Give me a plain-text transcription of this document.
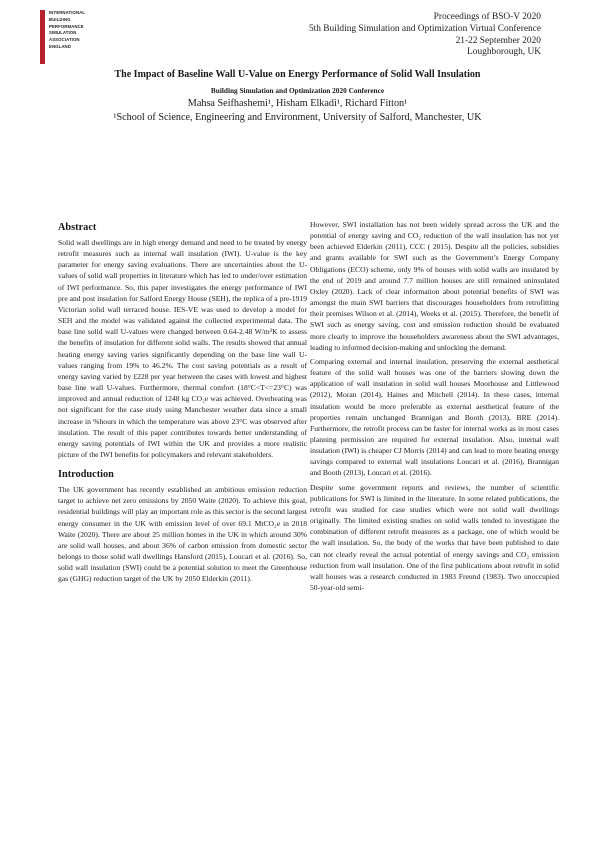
INTERNATIONAL
BUILDING
PERFORMANCE
SIMULATION
ASSOCIATION
ENGLAND
Proceedings of BSO-V 2020
5th Building Simulation and Optimization Virtual Conference
21-22 September 2020
Loughborough, UK
The Impact of Baseline Wall U-Value on Energy Performance of Solid Wall Insulation
Building Simulation and Optimization 2020 Conference
Mahsa Seifhashemi¹, Hisham Elkadi¹, Richard Fitton¹
¹School of Science, Engineering and Environment, University of Salford, Manchester, UK
Abstract

Solid wall dwellings are in high energy demand and need to be treated by energy retrofit measures such as internal wall insulation (IWI). U-value is the key parameter for energy saving evaluations. There are uncertainties about the U-values of solid wall properties in literature which has led to under/over estimation of IWI performance. So, this paper investigates the energy performance of IWI pre and post insulation for Salford Energy House (SEH), the replica of a pre-1919 Victorian solid wall terraced house. IES-VE was used to develop a model for SEH and the model was validated against the collected experimental data. The base line solid wall U-values were changed between 0.64-2.48 W/m²K to assess the benefits of insulation for different solid walls. The results showed that annual heating energy saving varies significantly depending on the base line wall U-values ranging from 19% to 46.2%. The cost saving potentials as a result of energy saving varied by £228 per year between the cases with lowest and highest base line wall U-values. Furthermore, thermal comfort (18°C<T<=23°C) was improved and annual reduction of 1248 kg CO₂e was achieved. Overheating was not significant for the case study using Manchester weather data since a small increase in %hours in which the temperature was above 23°C was observed after insulation. The result of this paper contributes towards better understanding of energy saving potentials of IWI within the UK and provides a more realistic picture of the IWI benefits for policymakers and relevant stakeholders.

Introduction

The UK government has recently established an ambitious emission reduction target to achieve net zero emissions by 2050 Waite (2020). To achieve this goal, residential buildings will play an important role as this sector is the second largest energy consumer in the UK with emission level of over 69.1 MtCO₂e in 2018 Waite (2020). There are about 25 million homes in the UK in which around 30% are solid wall houses, and about 36% of carbon emission from domestic sector belongs to those solid wall dwellings Hansford (2015), Loucari et al. (2016). So, solid wall insulation (SWI) could be a potential solution to meet the Greenhouse gas (GHG) reduction target of the UK by 2050 Elderkin (2011).

However, SWI installation has not been widely spread across the UK and the potential of energy saving and CO₂ reduction of the wall insulation has not yet been achieved Elderkin (2011), CCC ( 2015). Despite all the policies, subsidies and grants available for SWI such as the Government’s Energy Company Obligations (ECO) scheme, only 9% of houses with solid walls are insulated by the end of 2019 and around 7.7 million houses are still remained uninsulated Oxley (2020). Lack of clear information about potential benefits of SWI was amongst the main SWI barriers that discourages householders from retrofitting their premises Wilson et al. (2014), Weeks et al. (2015). Therefore, the benefit of SWI such as energy saving, cost and emission reduction should be evaluated more clearly to improve the householders awareness about the SWI advantages, leading to informed decision-making and unlocking the demand.

Comparing external and internal insulation, preserving the external aesthetical feature of the solid wall houses was one of the barriers slowing down the application of wall insulation in solid wall houses Moorhouse and Littlewood (2012), Moran (2014), Haines and Mitchell (2014). In these cases, internal insulation would be more preferable as external aesthetical feature of the properties remain unchanged Brannigan and Booth (2013), BRE (2014). Furthermore, the retrofit process can be faster for internal works as in most cases planning permission are required for external insulation. Also, internal wall insulation (IWI) is cheaper CJ Morris (2014) and can lead to more heating energy savings compared to external wall insulations Loucari et al. (2016), Brannigan and Booth (2013), Loucari et al. (2016).

Despite some government reports and reviews, the number of scientific publications for SWI is limited in the literature. In some related publications, the retrofit was studied for case studies which were not solid wall dwellings originally. The limited existing studies on solid walls tended to investigate the combination of different retrofit measures as a package, one of which would be the wall insulation. So, the body of the works that have been published to date can not clearly reveal the actual potential of energy savings and CO₂ emission reduction from wall insulation. One of the first publications about retrofit in solid wall houses was a research conducted in 1983 Freund (1983). Two unoccupied 50-year-old semi-
